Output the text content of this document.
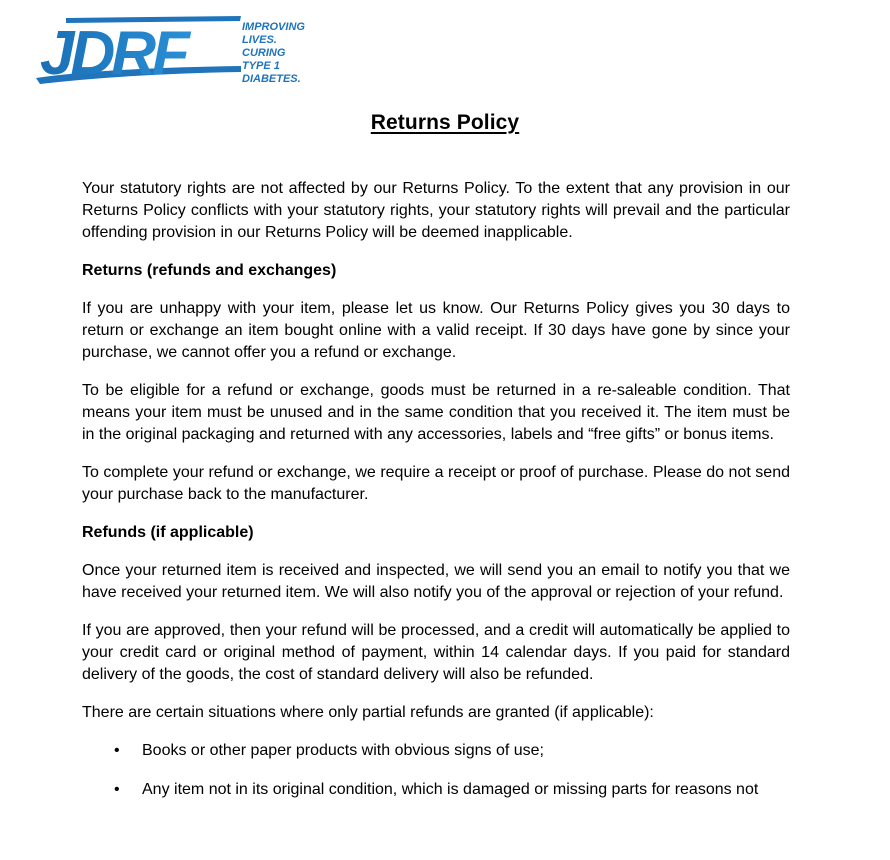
JDRF	IMPROVING
LIVES.
CURING
TYPE 1
DIABETES.
Returns Policy

Your statutory rights are not affected by our Returns Policy. To the extent that any provision in our Returns Policy conflicts with your statutory rights, your statutory rights will prevail and the particular offending provision in our Returns Policy will be deemed inapplicable.

Returns (refunds and exchanges)

If you are unhappy with your item, please let us know. Our Returns Policy gives you 30 days to return or exchange an item bought online with a valid receipt. If 30 days have gone by since your purchase, we cannot offer you a refund or exchange.

To be eligible for a refund or exchange, goods must be returned in a re-saleable condition. That means your item must be unused and in the same condition that you received it. The item must be in the original packaging and returned with any accessories, labels and “free gifts” or bonus items.

To complete your refund or exchange, we require a receipt or proof of purchase. Please do not send your purchase back to the manufacturer.

Refunds (if applicable)

Once your returned item is received and inspected, we will send you an email to notify you that we have received your returned item. We will also notify you of the approval or rejection of your refund.

If you are approved, then your refund will be processed, and a credit will automatically be applied to your credit card or original method of payment, within 14 calendar days. If you paid for standard delivery of the goods, the cost of standard delivery will also be refunded.

There are certain situations where only partial refunds are granted (if applicable):

• Books or other paper products with obvious signs of use;
• Any item not in its original condition, which is damaged or missing parts for reasons not
